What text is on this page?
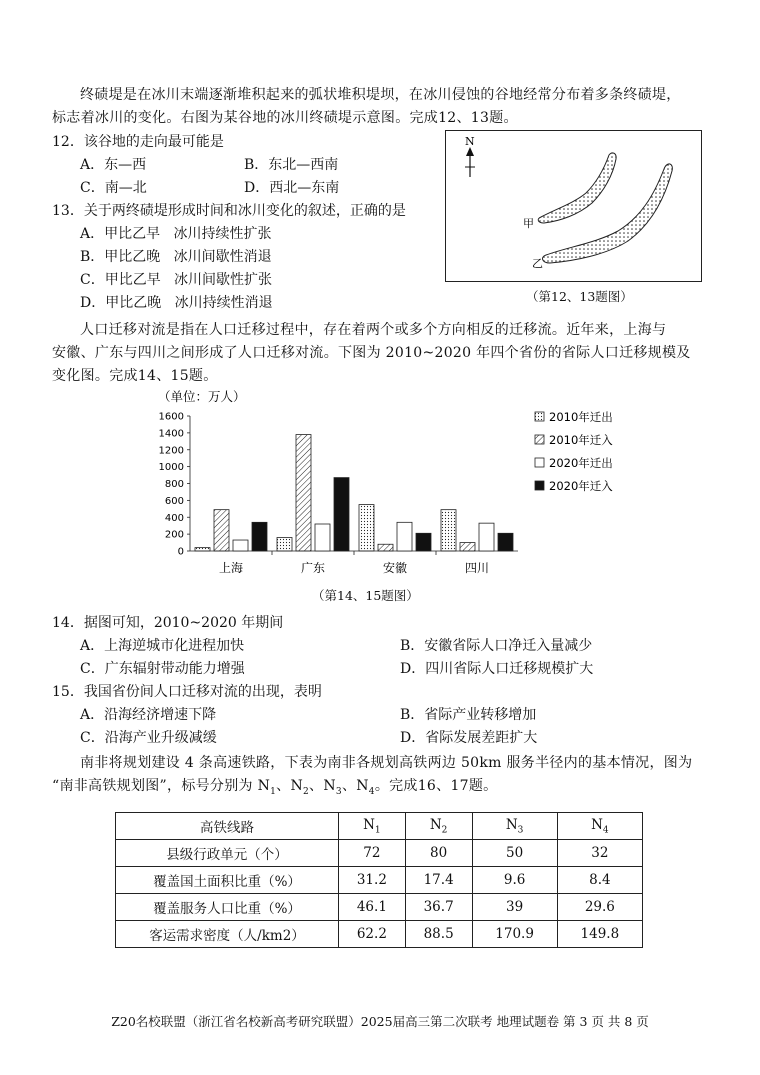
终碛堤是在冰川末端逐渐堆积起来的弧状堆积堤坝，在冰川侵蚀的谷地经常分布着多条终碛堤，
标志着冰川的变化。右图为某谷地的冰川终碛堤示意图。完成12、13题。
12．该谷地的走向最可能是
A．东—西	B．东北—西南
C．南—北	D．西北—东南
13．关于两终碛堤形成时间和冰川变化的叙述，正确的是
A．甲比乙早   冰川持续性扩张
B．甲比乙晚   冰川间歇性消退
C．甲比乙早   冰川间歇性扩张
D．甲比乙晚   冰川持续性消退
N
甲
乙
（第12、13题图）
人口迁移对流是指在人口迁移过程中，存在着两个或多个方向相反的迁移流。近年来，上海与
安徽、广东与四川之间形成了人口迁移对流。下图为 2010~2020 年四个省份的省际人口迁移规模及
变化图。完成14、15题。
（单位：万人）
0
200
400
600
800
1000
1200
1400
1600
上海	广东	安徽	四川
2010年迁出
2010年迁入
2020年迁出
2020年迁入
（第14、15题图）
14．据图可知，2010~2020 年期间
A．上海逆城市化进程加快	B．安徽省际人口净迁入量减少
C．广东辐射带动能力增强	D．四川省际人口迁移规模扩大
15．我国省份间人口迁移对流的出现，表明
A．沿海经济增速下降	B．省际产业转移增加
C．沿海产业升级减缓	D．省际发展差距扩大
南非将规划建设 4 条高速铁路，下表为南非各规划高铁两边 50km 服务半径内的基本情况，图为
“南非高铁规划图”，标号分别为 $N_1$、$N_2$、$N_3$、$N_4$。完成16、17题。
高铁线路	$N_1$	$N_2$	$N_3$	$N_4$
县级行政单元（个）	72	80	50	32
覆盖国土面积比重（%）	31.2	17.4	9.6	8.4
覆盖服务人口比重（%）	46.1	36.7	39	29.6
客运需求密度（人/km2）	62.2	88.5	170.9	149.8
Z20名校联盟（浙江省名校新高考研究联盟）2025届高三第二次联考 地理试题卷 第 3 页 共 8 页
